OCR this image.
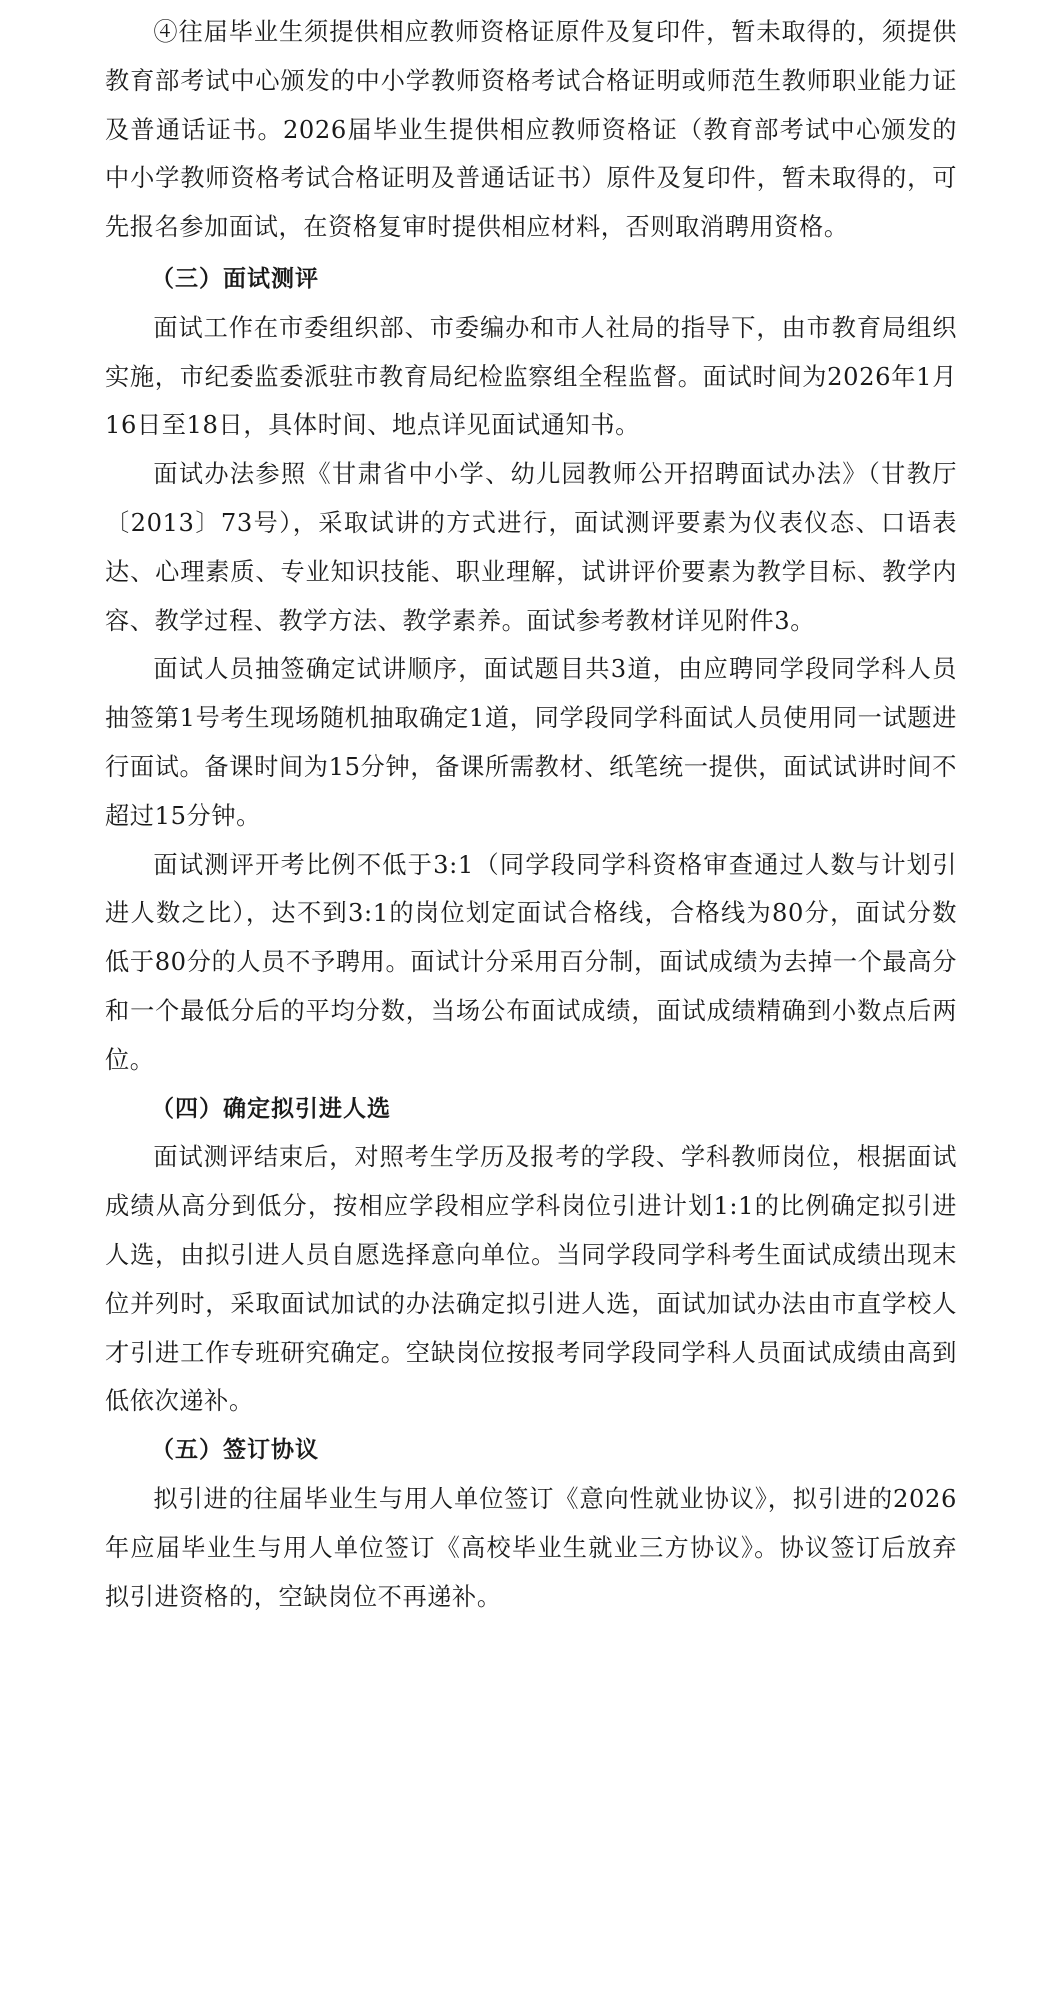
④往届毕业生须提供相应教师资格证原件及复印件，暂未取得的，须提供教育部考试中心颁发的中小学教师资格考试合格证明或师范生教师职业能力证及普通话证书。2026届毕业生提供相应教师资格证（教育部考试中心颁发的中小学教师资格考试合格证明及普通话证书）原件及复印件，暂未取得的，可先报名参加面试，在资格复审时提供相应材料，否则取消聘用资格。

（三）面试测评

面试工作在市委组织部、市委编办和市人社局的指导下，由市教育局组织实施，市纪委监委派驻市教育局纪检监察组全程监督。面试时间为2026年1月16日至18日，具体时间、地点详见面试通知书。

面试办法参照《甘肃省中小学、幼儿园教师公开招聘面试办法》（甘教厅〔2013〕73号），采取试讲的方式进行，面试测评要素为仪表仪态、口语表达、心理素质、专业知识技能、职业理解，试讲评价要素为教学目标、教学内容、教学过程、教学方法、教学素养。面试参考教材详见附件3。

面试人员抽签确定试讲顺序，面试题目共3道，由应聘同学段同学科人员抽签第1号考生现场随机抽取确定1道，同学段同学科面试人员使用同一试题进行面试。备课时间为15分钟，备课所需教材、纸笔统一提供，面试试讲时间不超过15分钟。

面试测评开考比例不低于3:1（同学段同学科资格审查通过人数与计划引进人数之比），达不到3:1的岗位划定面试合格线，合格线为80分，面试分数低于80分的人员不予聘用。面试计分采用百分制，面试成绩为去掉一个最高分和一个最低分后的平均分数，当场公布面试成绩，面试成绩精确到小数点后两位。

（四）确定拟引进人选

面试测评结束后，对照考生学历及报考的学段、学科教师岗位，根据面试成绩从高分到低分，按相应学段相应学科岗位引进计划1:1的比例确定拟引进人选，由拟引进人员自愿选择意向单位。当同学段同学科考生面试成绩出现末位并列时，采取面试加试的办法确定拟引进人选，面试加试办法由市直学校人才引进工作专班研究确定。空缺岗位按报考同学段同学科人员面试成绩由高到低依次递补。

（五）签订协议

拟引进的往届毕业生与用人单位签订《意向性就业协议》，拟引进的2026年应届毕业生与用人单位签订《高校毕业生就业三方协议》。协议签订后放弃拟引进资格的，空缺岗位不再递补。
